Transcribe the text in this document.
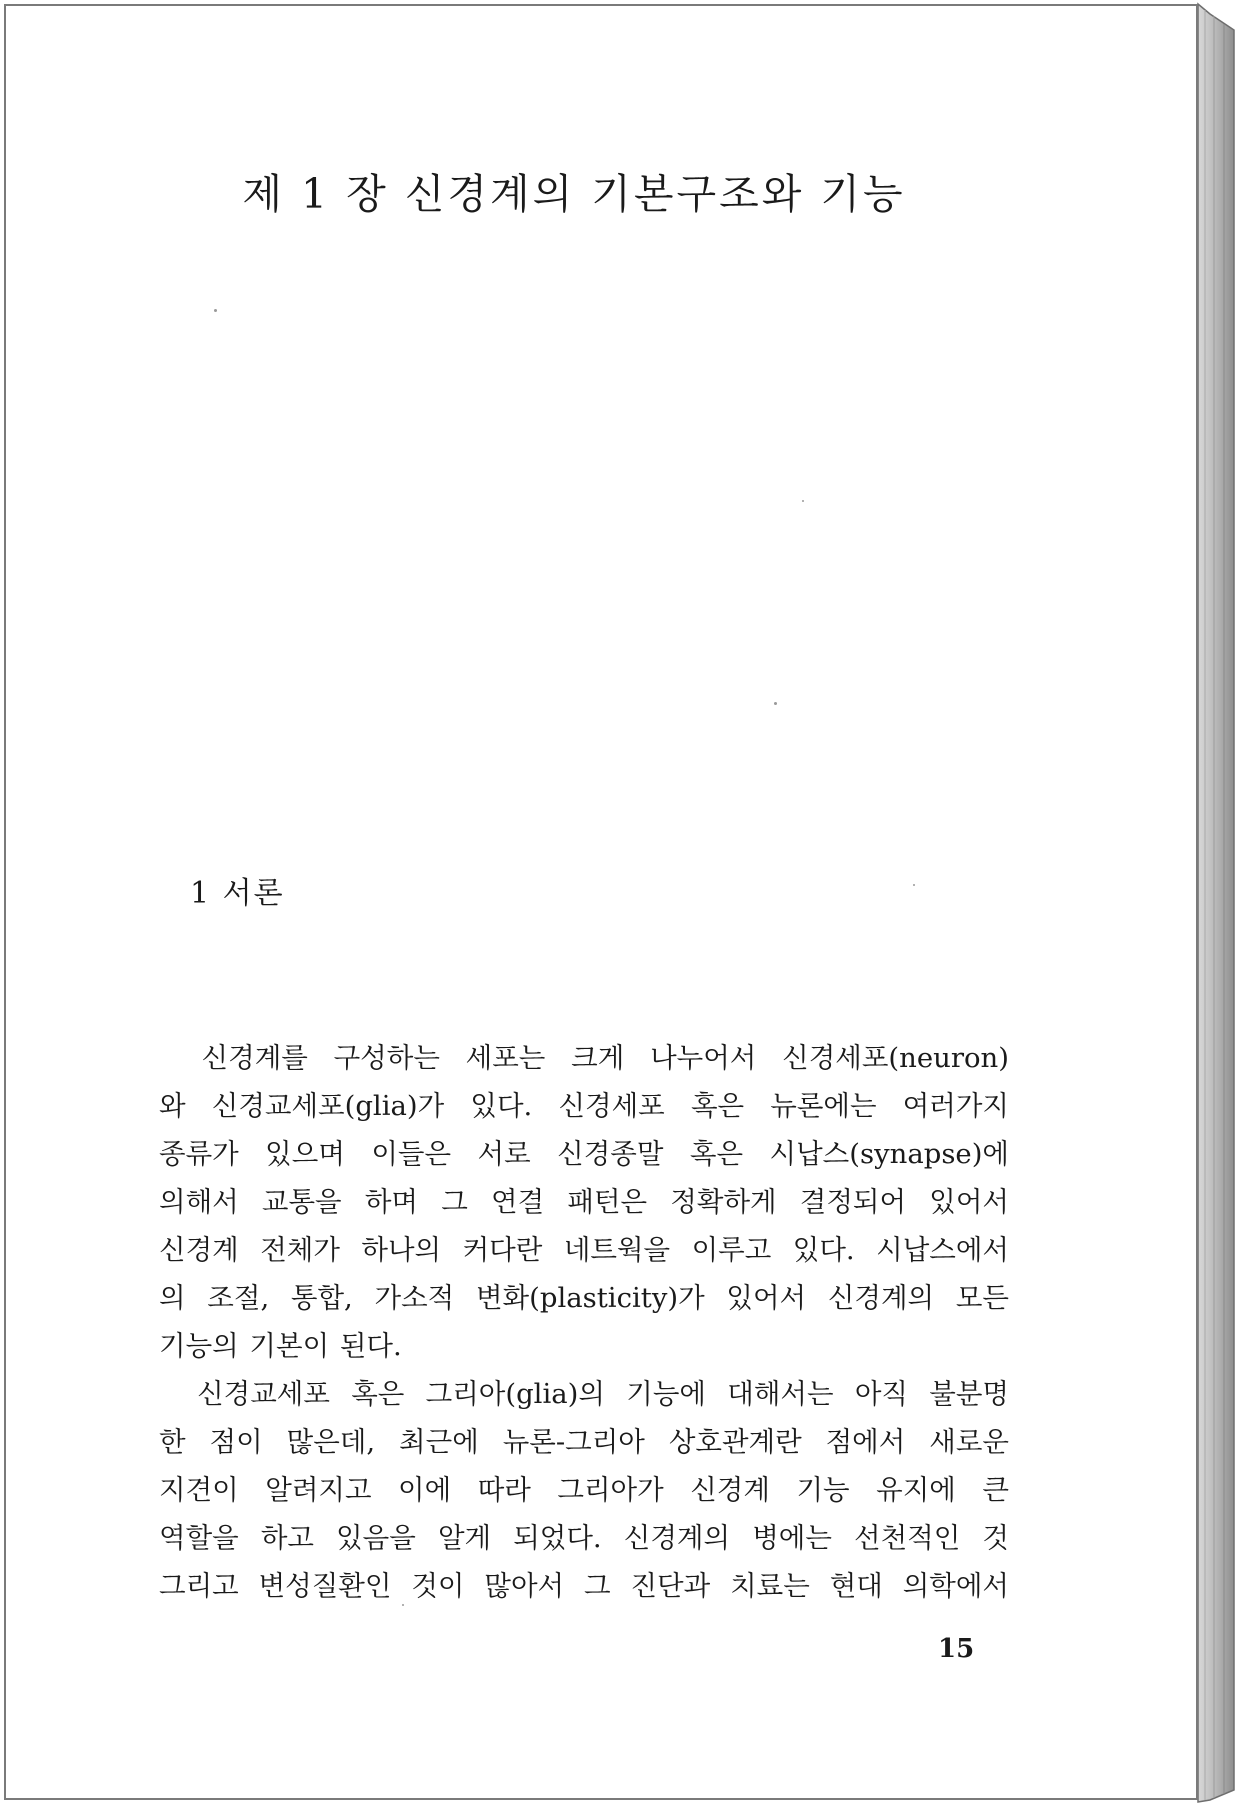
제 1 장 신경계의 기본구조와 기능
1 서론
　신경계를 구성하는 세포는 크게 나누어서 신경세포(neuron)
와 신경교세포(glia)가 있다. 신경세포 혹은 뉴론에는 여러가지
종류가 있으며 이들은 서로 신경종말 혹은 시납스(synapse)에
의해서 교통을 하며 그 연결 패턴은 정확하게 결정되어 있어서
신경계 전체가 하나의 커다란 네트웍을 이루고 있다. 시납스에서
의 조절, 통합, 가소적 변화(plasticity)가 있어서 신경계의 모든
기능의 기본이 된다.
　신경교세포 혹은 그리아(glia)의 기능에 대해서는 아직 불분명
한 점이 많은데, 최근에 뉴론-그리아 상호관계란 점에서 새로운
지견이 알려지고 이에 따라 그리아가 신경계 기능 유지에 큰
역할을 하고 있음을 알게 되었다. 신경계의 병에는 선천적인 것
그리고 변성질환인 것이 많아서 그 진단과 치료는 현대 의학에서
15
